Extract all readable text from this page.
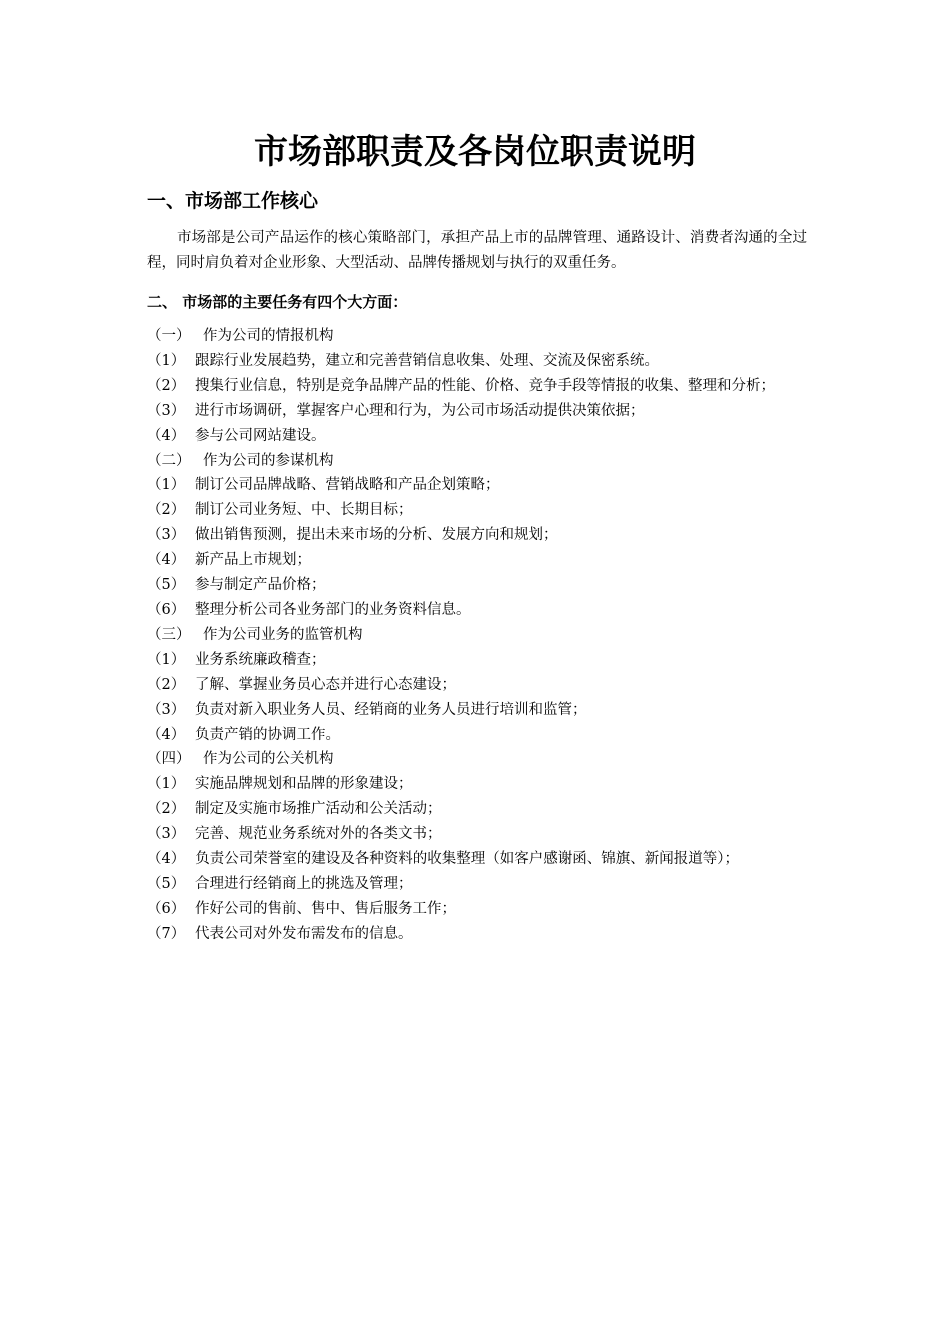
市场部职责及各岗位职责说明
一、市场部工作核心

市场部是公司产品运作的核心策略部门，承担产品上市的品牌管理、通路设计、消费者沟通的全过程，同时肩负着对企业形象、大型活动、品牌传播规划与执行的双重任务。

二、 市场部的主要任务有四个大方面：
（一） 作为公司的情报机构
（1） 跟踪行业发展趋势，建立和完善营销信息收集、处理、交流及保密系统。
（2） 搜集行业信息，特别是竞争品牌产品的性能、价格、竞争手段等情报的收集、整理和分析；
（3） 进行市场调研，掌握客户心理和行为，为公司市场活动提供决策依据；
（4） 参与公司网站建设。
（二） 作为公司的参谋机构
（1） 制订公司品牌战略、营销战略和产品企划策略；
（2） 制订公司业务短、中、长期目标；
（3） 做出销售预测，提出未来市场的分析、发展方向和规划；
（4） 新产品上市规划；
（5） 参与制定产品价格；
（6） 整理分析公司各业务部门的业务资料信息。
（三） 作为公司业务的监管机构
（1） 业务系统廉政稽查；
（2） 了解、掌握业务员心态并进行心态建设；
（3） 负责对新入职业务人员、经销商的业务人员进行培训和监管；
（4） 负责产销的协调工作。
（四） 作为公司的公关机构
（1） 实施品牌规划和品牌的形象建设；
（2） 制定及实施市场推广活动和公关活动；
（3） 完善、规范业务系统对外的各类文书；
（4） 负责公司荣誉室的建设及各种资料的收集整理（如客户感谢函、锦旗、新闻报道等）；
（5） 合理进行经销商上的挑选及管理；
（6） 作好公司的售前、售中、售后服务工作；
（7） 代表公司对外发布需发布的信息。
